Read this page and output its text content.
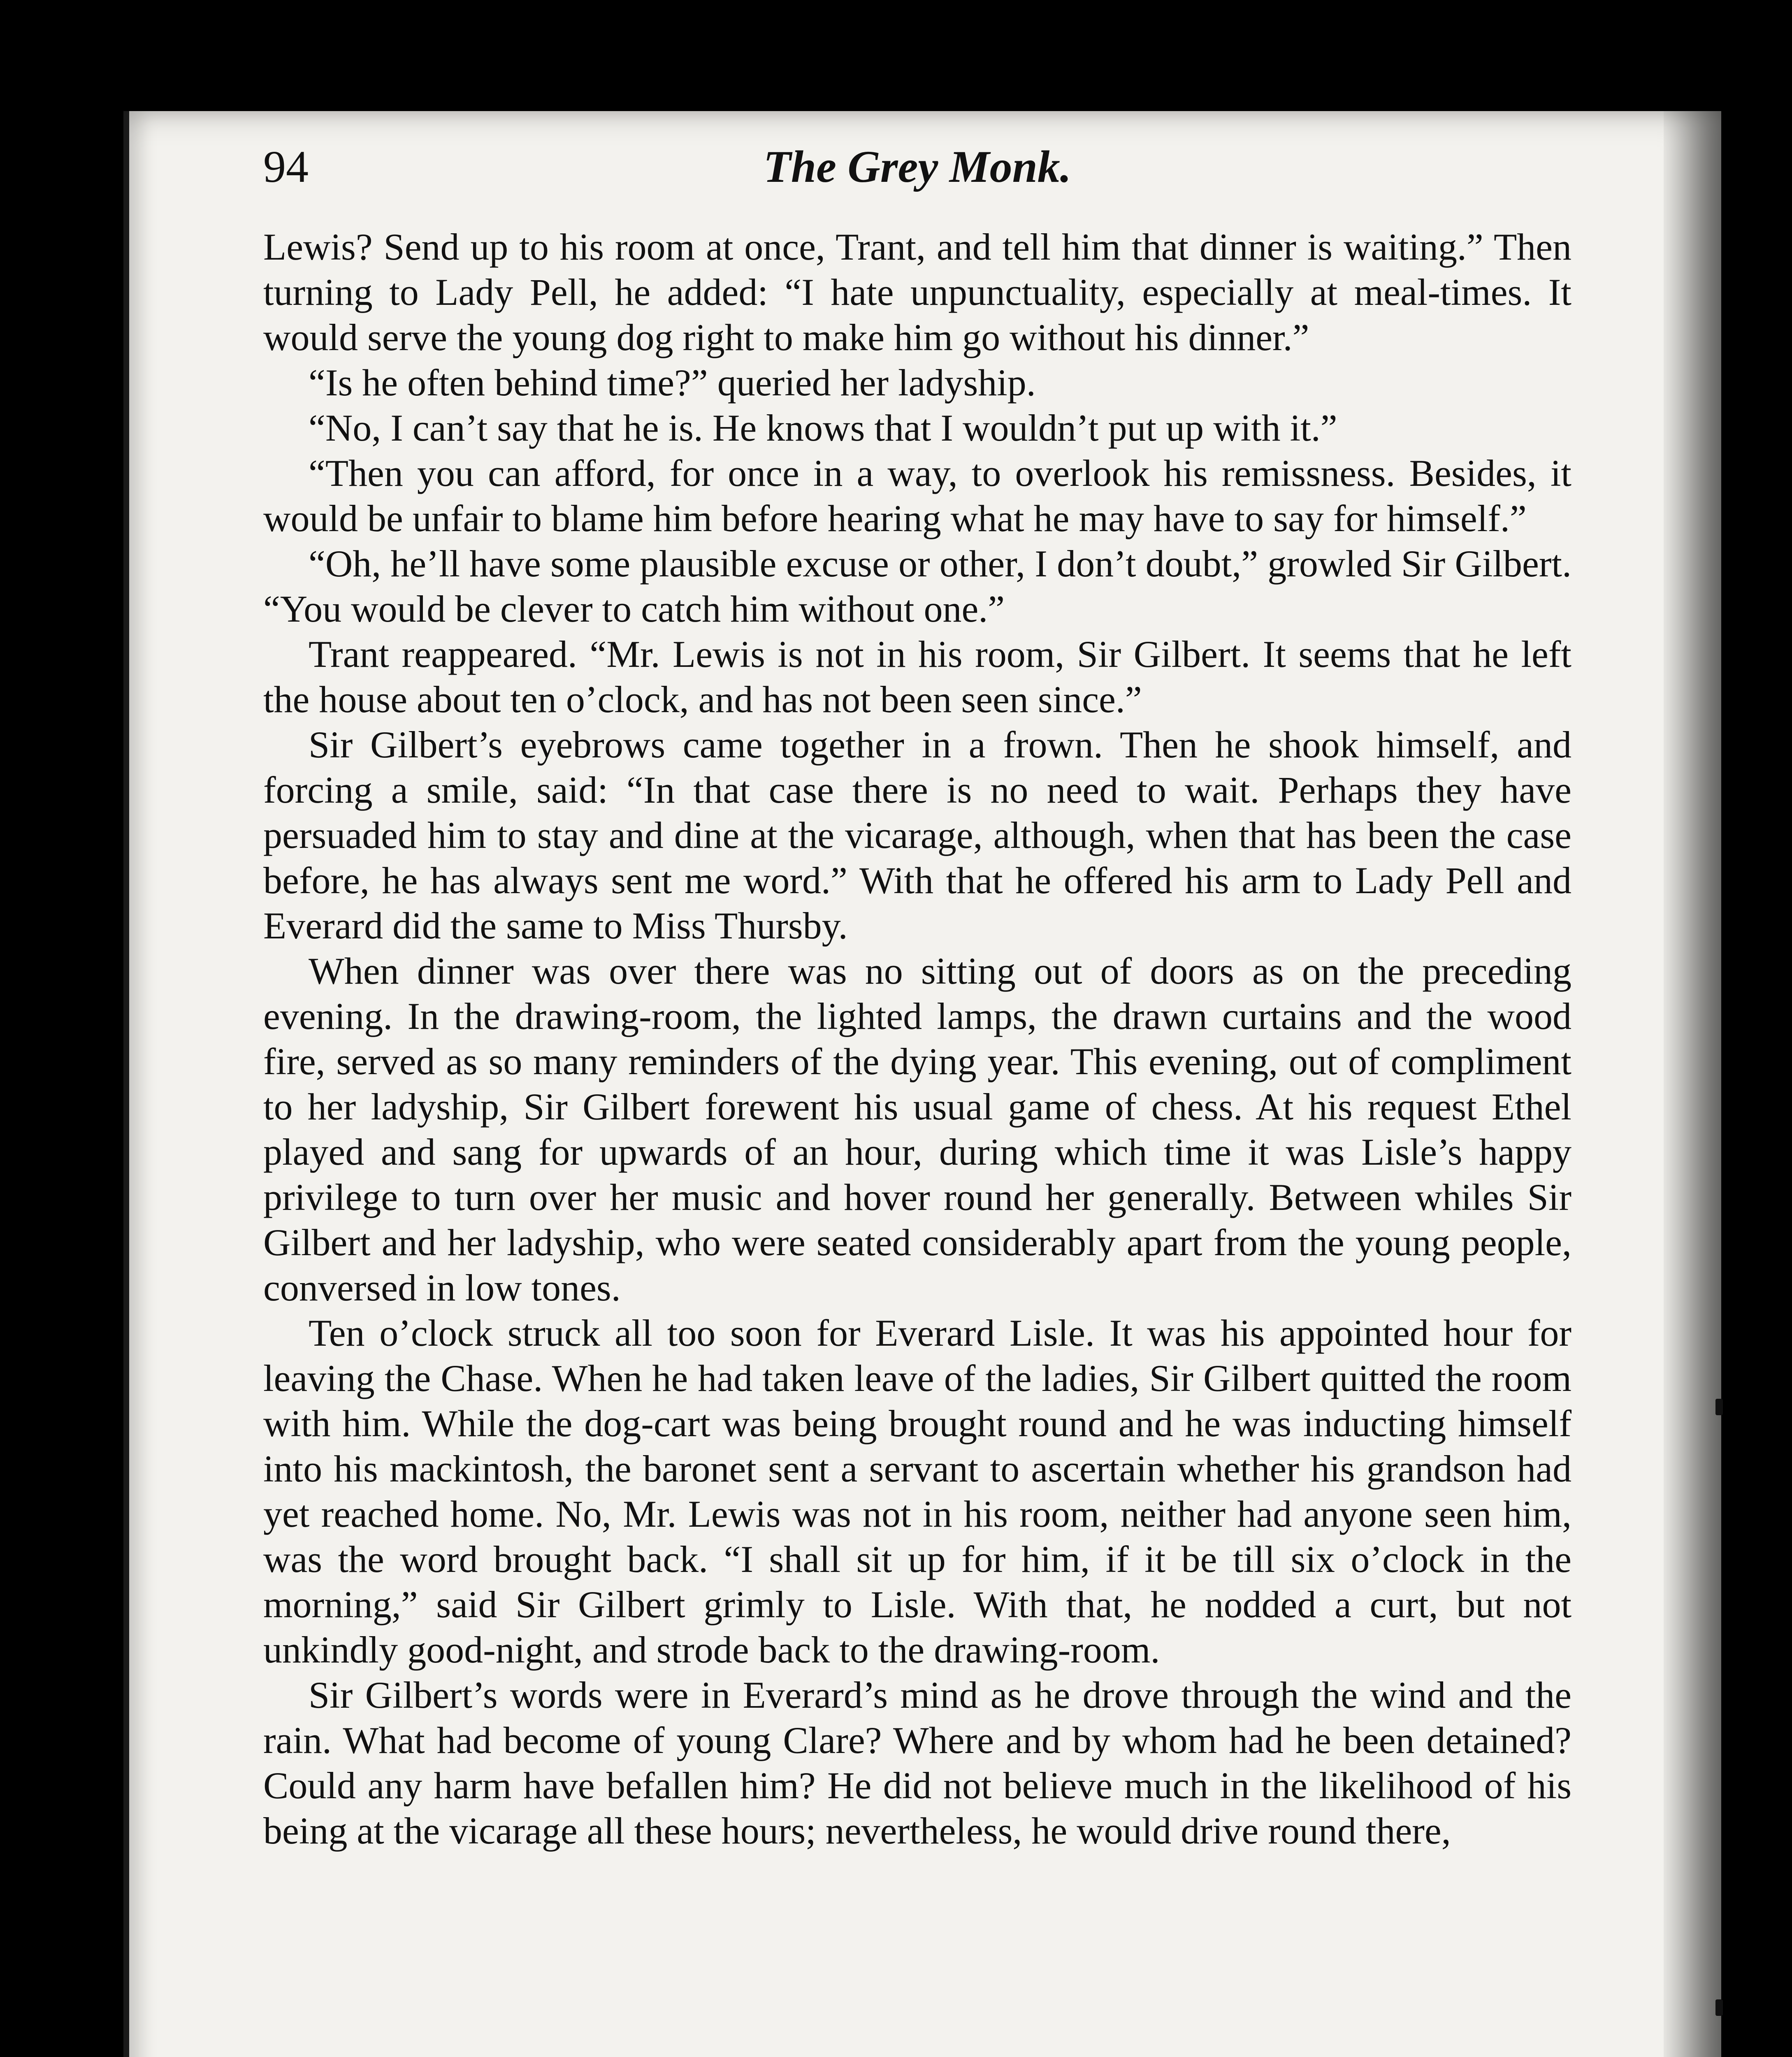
94	The Grey Monk.

Lewis? Send up to his room at once, Trant, and tell him that dinner is waiting.” Then turning to Lady Pell, he added: “I hate unpunctuality, especially at meal-times. It would serve the young dog right to make him go without his dinner.”

“Is he often behind time?” queried her ladyship.

“No, I can’t say that he is. He knows that I wouldn’t put up with it.”

“Then you can afford, for once in a way, to overlook his remissness. Besides, it would be unfair to blame him before hearing what he may have to say for himself.”

“Oh, he’ll have some plausible excuse or other, I don’t doubt,” growled Sir Gilbert. “You would be clever to catch him without one.”

Trant reappeared. “Mr. Lewis is not in his room, Sir Gilbert. It seems that he left the house about ten o’clock, and has not been seen since.”

Sir Gilbert’s eyebrows came together in a frown. Then he shook himself, and forcing a smile, said: “In that case there is no need to wait. Perhaps they have persuaded him to stay and dine at the vicarage, although, when that has been the case before, he has always sent me word.” With that he offered his arm to Lady Pell and Everard did the same to Miss Thursby.

When dinner was over there was no sitting out of doors as on the preceding evening. In the drawing-room, the lighted lamps, the drawn curtains and the wood fire, served as so many reminders of the dying year. This evening, out of compliment to her ladyship, Sir Gilbert forewent his usual game of chess. At his request Ethel played and sang for upwards of an hour, during which time it was Lisle’s happy privilege to turn over her music and hover round her generally. Between whiles Sir Gilbert and her ladyship, who were seated considerably apart from the young people, conversed in low tones.

Ten o’clock struck all too soon for Everard Lisle. It was his appointed hour for leaving the Chase. When he had taken leave of the ladies, Sir Gilbert quitted the room with him. While the dog-cart was being brought round and he was inducting himself into his mackintosh, the baronet sent a servant to ascertain whether his grandson had yet reached home. No, Mr. Lewis was not in his room, neither had anyone seen him, was the word brought back. “I shall sit up for him, if it be till six o’clock in the morning,” said Sir Gilbert grimly to Lisle. With that, he nodded a curt, but not unkindly good-night, and strode back to the drawing-room.

Sir Gilbert’s words were in Everard’s mind as he drove through the wind and the rain. What had become of young Clare? Where and by whom had he been detained? Could any harm have befallen him? He did not believe much in the likelihood of his being at the vicarage all these hours; nevertheless, he would drive round there,
